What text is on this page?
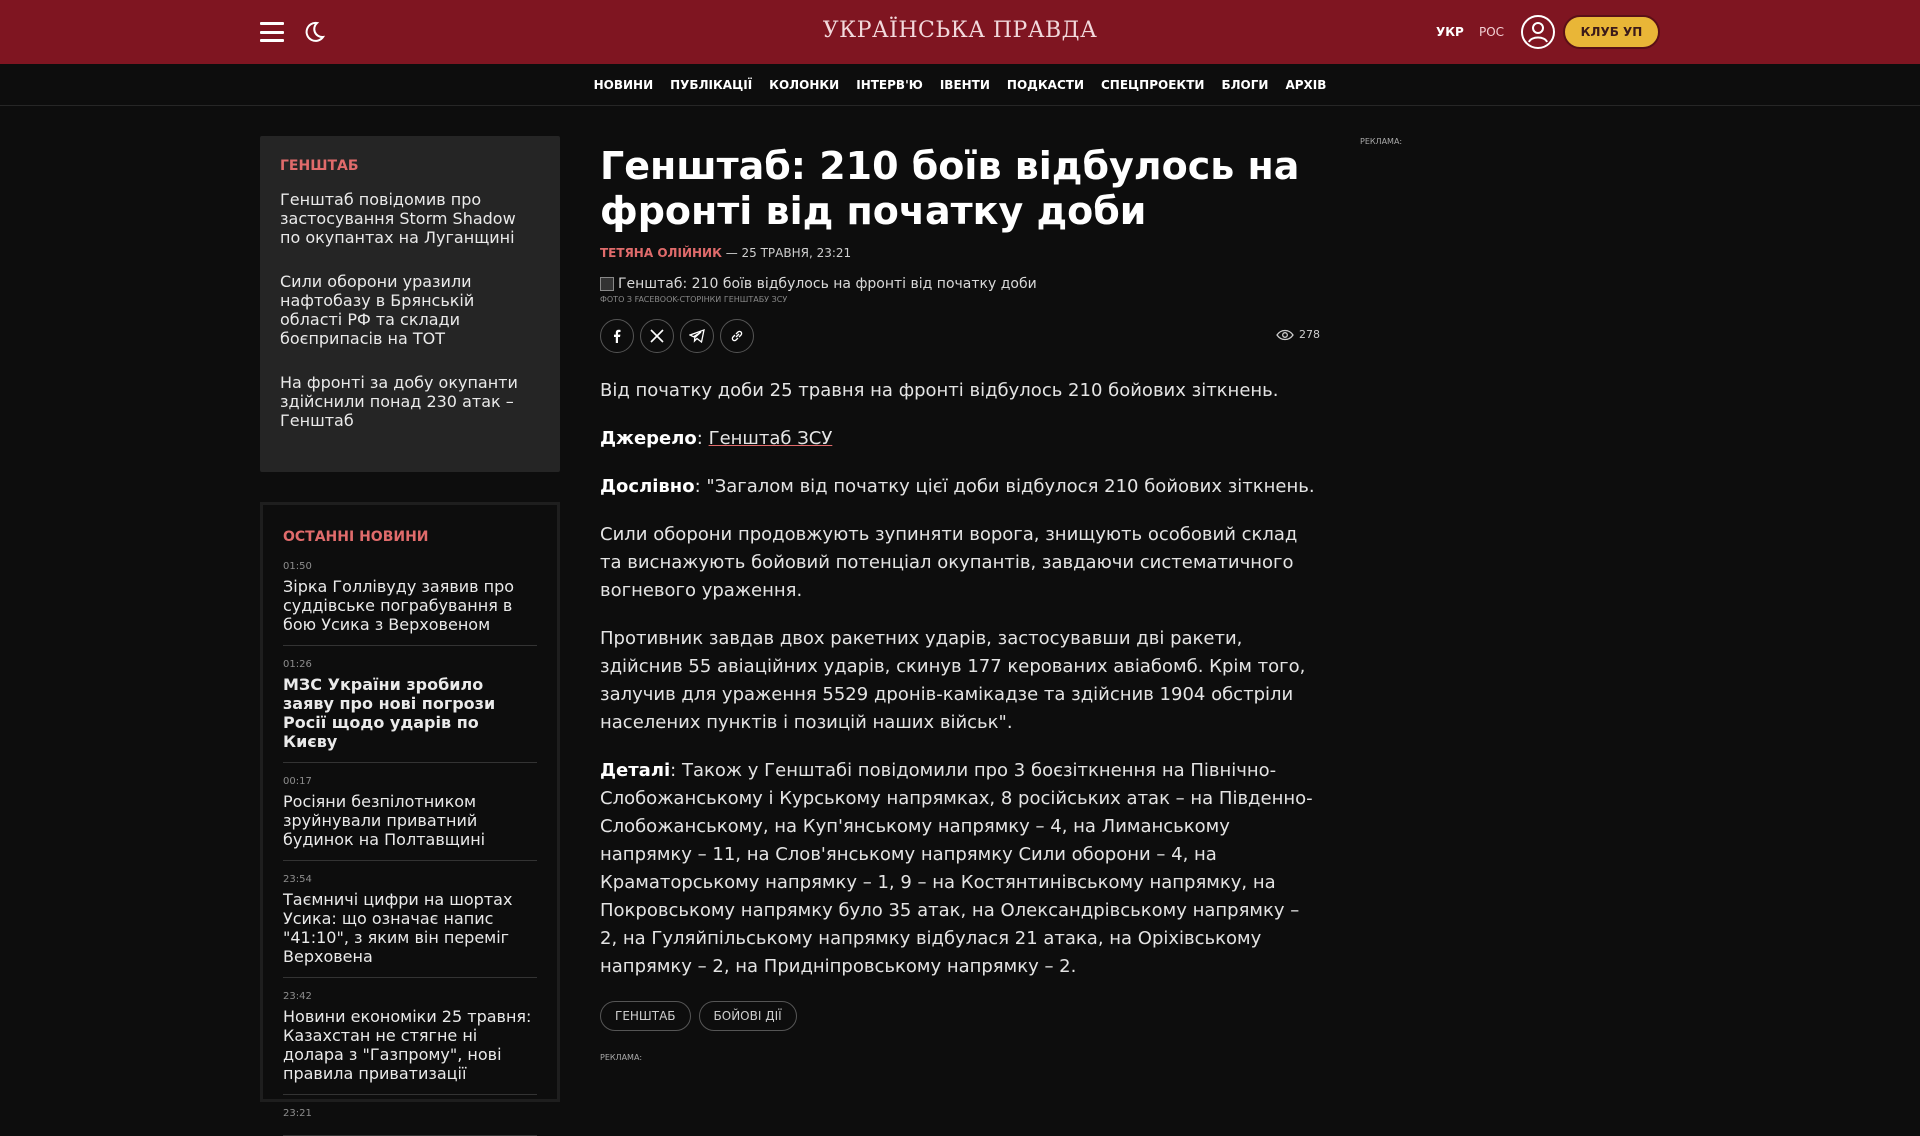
УКРАЇНСЬКА ПРАВДА	УКР РОС	КЛУБ УП
НОВИНИ ПУБЛІКАЦІЇ КОЛОНКИ ІНТЕРВ'Ю ІВЕНТИ ПОДКАСТИ СПЕЦПРОЕКТИ БЛОГИ АРХІВ
ГЕНШТАБ
Генштаб повідомив про застосування Storm Shadow по окупантах на Луганщині
Сили оборони уразили нафтобазу в Брянській області РФ та склади боєприпасів на ТОТ
На фронті за добу окупанти здійснили понад 230 атак – Генштаб
ОСТАННІ НОВИНИ
01:50
Зірка Голлівуду заявив про суддівське пограбування в бою Усика з Верховеном
01:26
МЗС України зробило заяву про нові погрози Росії щодо ударів по Києву
00:17
Росіяни безпілотником зруйнували приватний будинок на Полтавщині
23:54
Таємничі цифри на шортах Усика: що означає напис "41:10", з яким він переміг Верховена
23:42
Новини економіки 25 травня: Казахстан не стягне ні долара з "Газпрому", нові правила приватизації
23:21
Генштаб: 210 боїв відбулось на фронті від початку доби
ТЕТЯНА ОЛІЙНИК — 25 ТРАВНЯ, 23:21
Генштаб: 210 боїв відбулось на фронті від початку доби
ФОТО З FACEBOOK-СТОРІНКИ ГЕНШТАБУ ЗСУ
278

Від початку доби 25 травня на фронті відбулось 210 бойових зіткнень.

Джерело: Генштаб ЗСУ

Дослівно: "Загалом від початку цієї доби відбулося 210 бойових зіткнень.

Сили оборони продовжують зупиняти ворога, знищують особовий склад та виснажують бойовий потенціал окупантів, завдаючи систематичного вогневого ураження.

Противник завдав двох ракетних ударів, застосувавши дві ракети, здійснив 55 авіаційних ударів, скинув 177 керованих авіабомб. Крім того, залучив для ураження 5529 дронів-камікадзе та здійснив 1904 обстріли населених пунктів і позицій наших військ".

Деталі: Також у Генштабі повідомили про 3 боєзіткнення на Північно-Слобожанському і Курському напрямках, 8 російських атак – на Південно-Слобожанському, на Куп'янському напрямку – 4, на Лиманському напрямку – 11, на Слов'янському напрямку Сили оборони – 4, на Краматорському напрямку – 1, 9 – на Костянтинівському напрямку, на Покровському напрямку було 35 атак, на Олександрівському напрямку – 2, на Гуляйпільському напрямку відбулася 21 атака, на Оріхівському напрямку – 2, на Придніпровському напрямку – 2.

ГЕНШТАБ	БОЙОВІ ДІЇ
РЕКЛАМА:
РЕКЛАМА:
